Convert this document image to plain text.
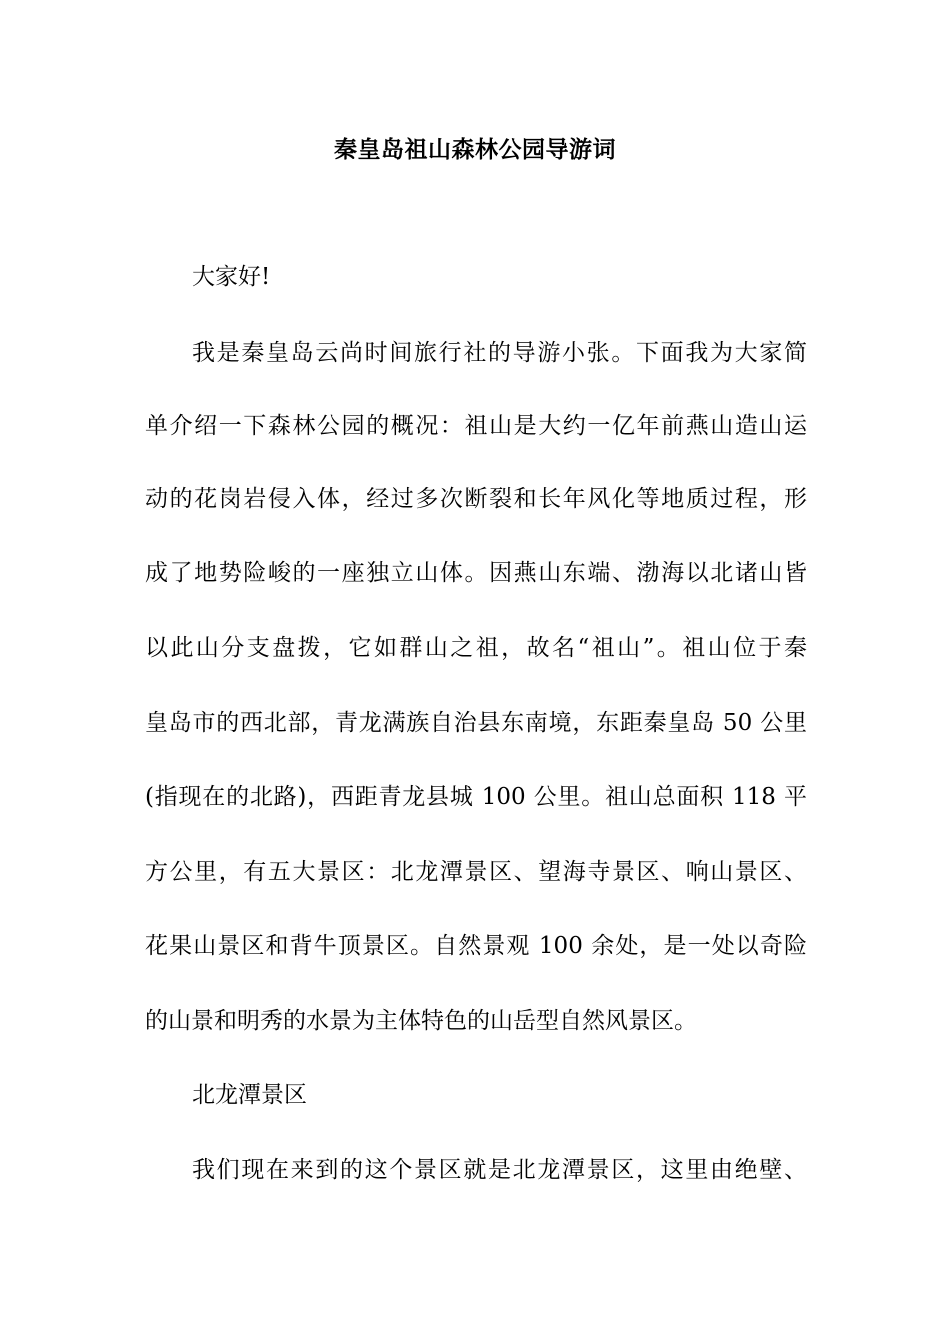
秦皇岛祖山森林公园导游词
大家好!
我是秦皇岛云尚时间旅行社的导游小张。下面我为大家简
单介绍一下森林公园的概况：祖山是大约一亿年前燕山造山运
动的花岗岩侵入体，经过多次断裂和长年风化等地质过程，形
成了地势险峻的一座独立山体。因燕山东端、渤海以北诸山皆
以此山分支盘拨，它如群山之祖，故名“祖山”。祖山位于秦
皇岛市的西北部，青龙满族自治县东南境，东距秦皇岛 50 公里
(指现在的北路)，西距青龙县城 100 公里。祖山总面积 118 平
方公里，有五大景区：北龙潭景区、望海寺景区、响山景区、
花果山景区和背牛顶景区。自然景观 100 余处，是一处以奇险
的山景和明秀的水景为主体特色的山岳型自然风景区。
北龙潭景区
我们现在来到的这个景区就是北龙潭景区，这里由绝壁、
